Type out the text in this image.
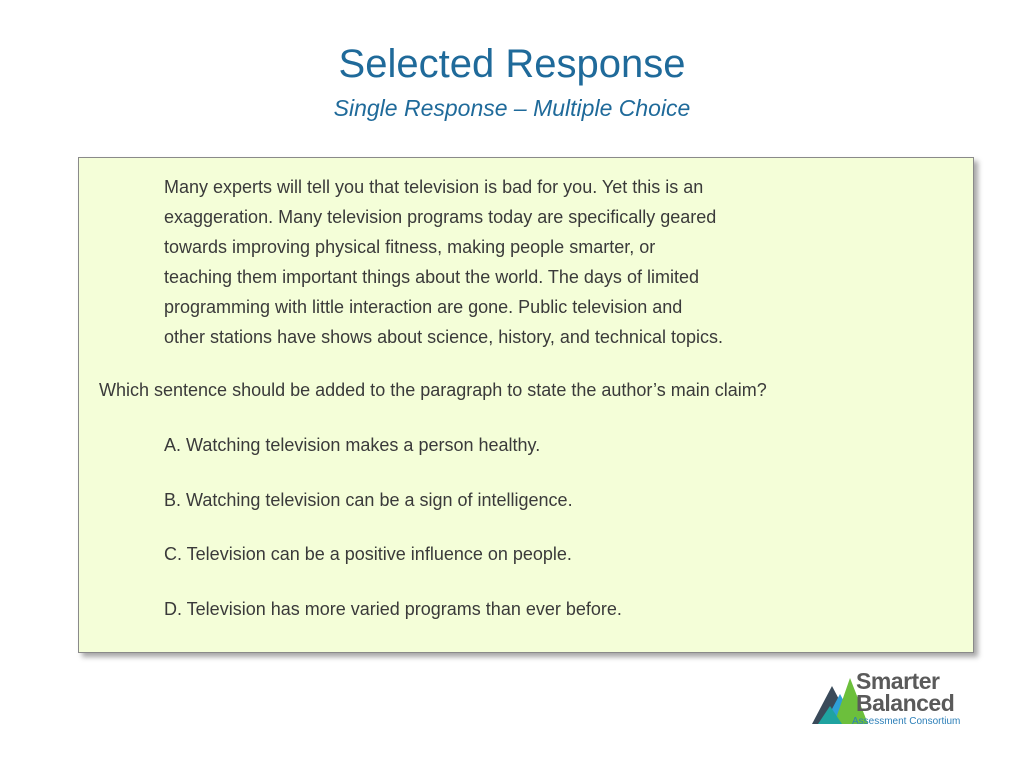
Selected Response
Single Response – Multiple Choice
Many experts will tell you that television is bad for you. Yet this is an
exaggeration. Many television programs today are specifically geared
towards improving physical fitness, making people smarter, or
teaching them important things about the world. The days of limited
programming with little interaction are gone. Public television and
other stations have shows about science, history, and technical topics.
Which sentence should be added to the paragraph to state the author’s main claim?
A. Watching television makes a person healthy.
B. Watching television can be a sign of intelligence.
C. Television can be a positive influence on people.
D. Television has more varied programs than ever before.
Smarter
Balanced
Assessment Consortium
